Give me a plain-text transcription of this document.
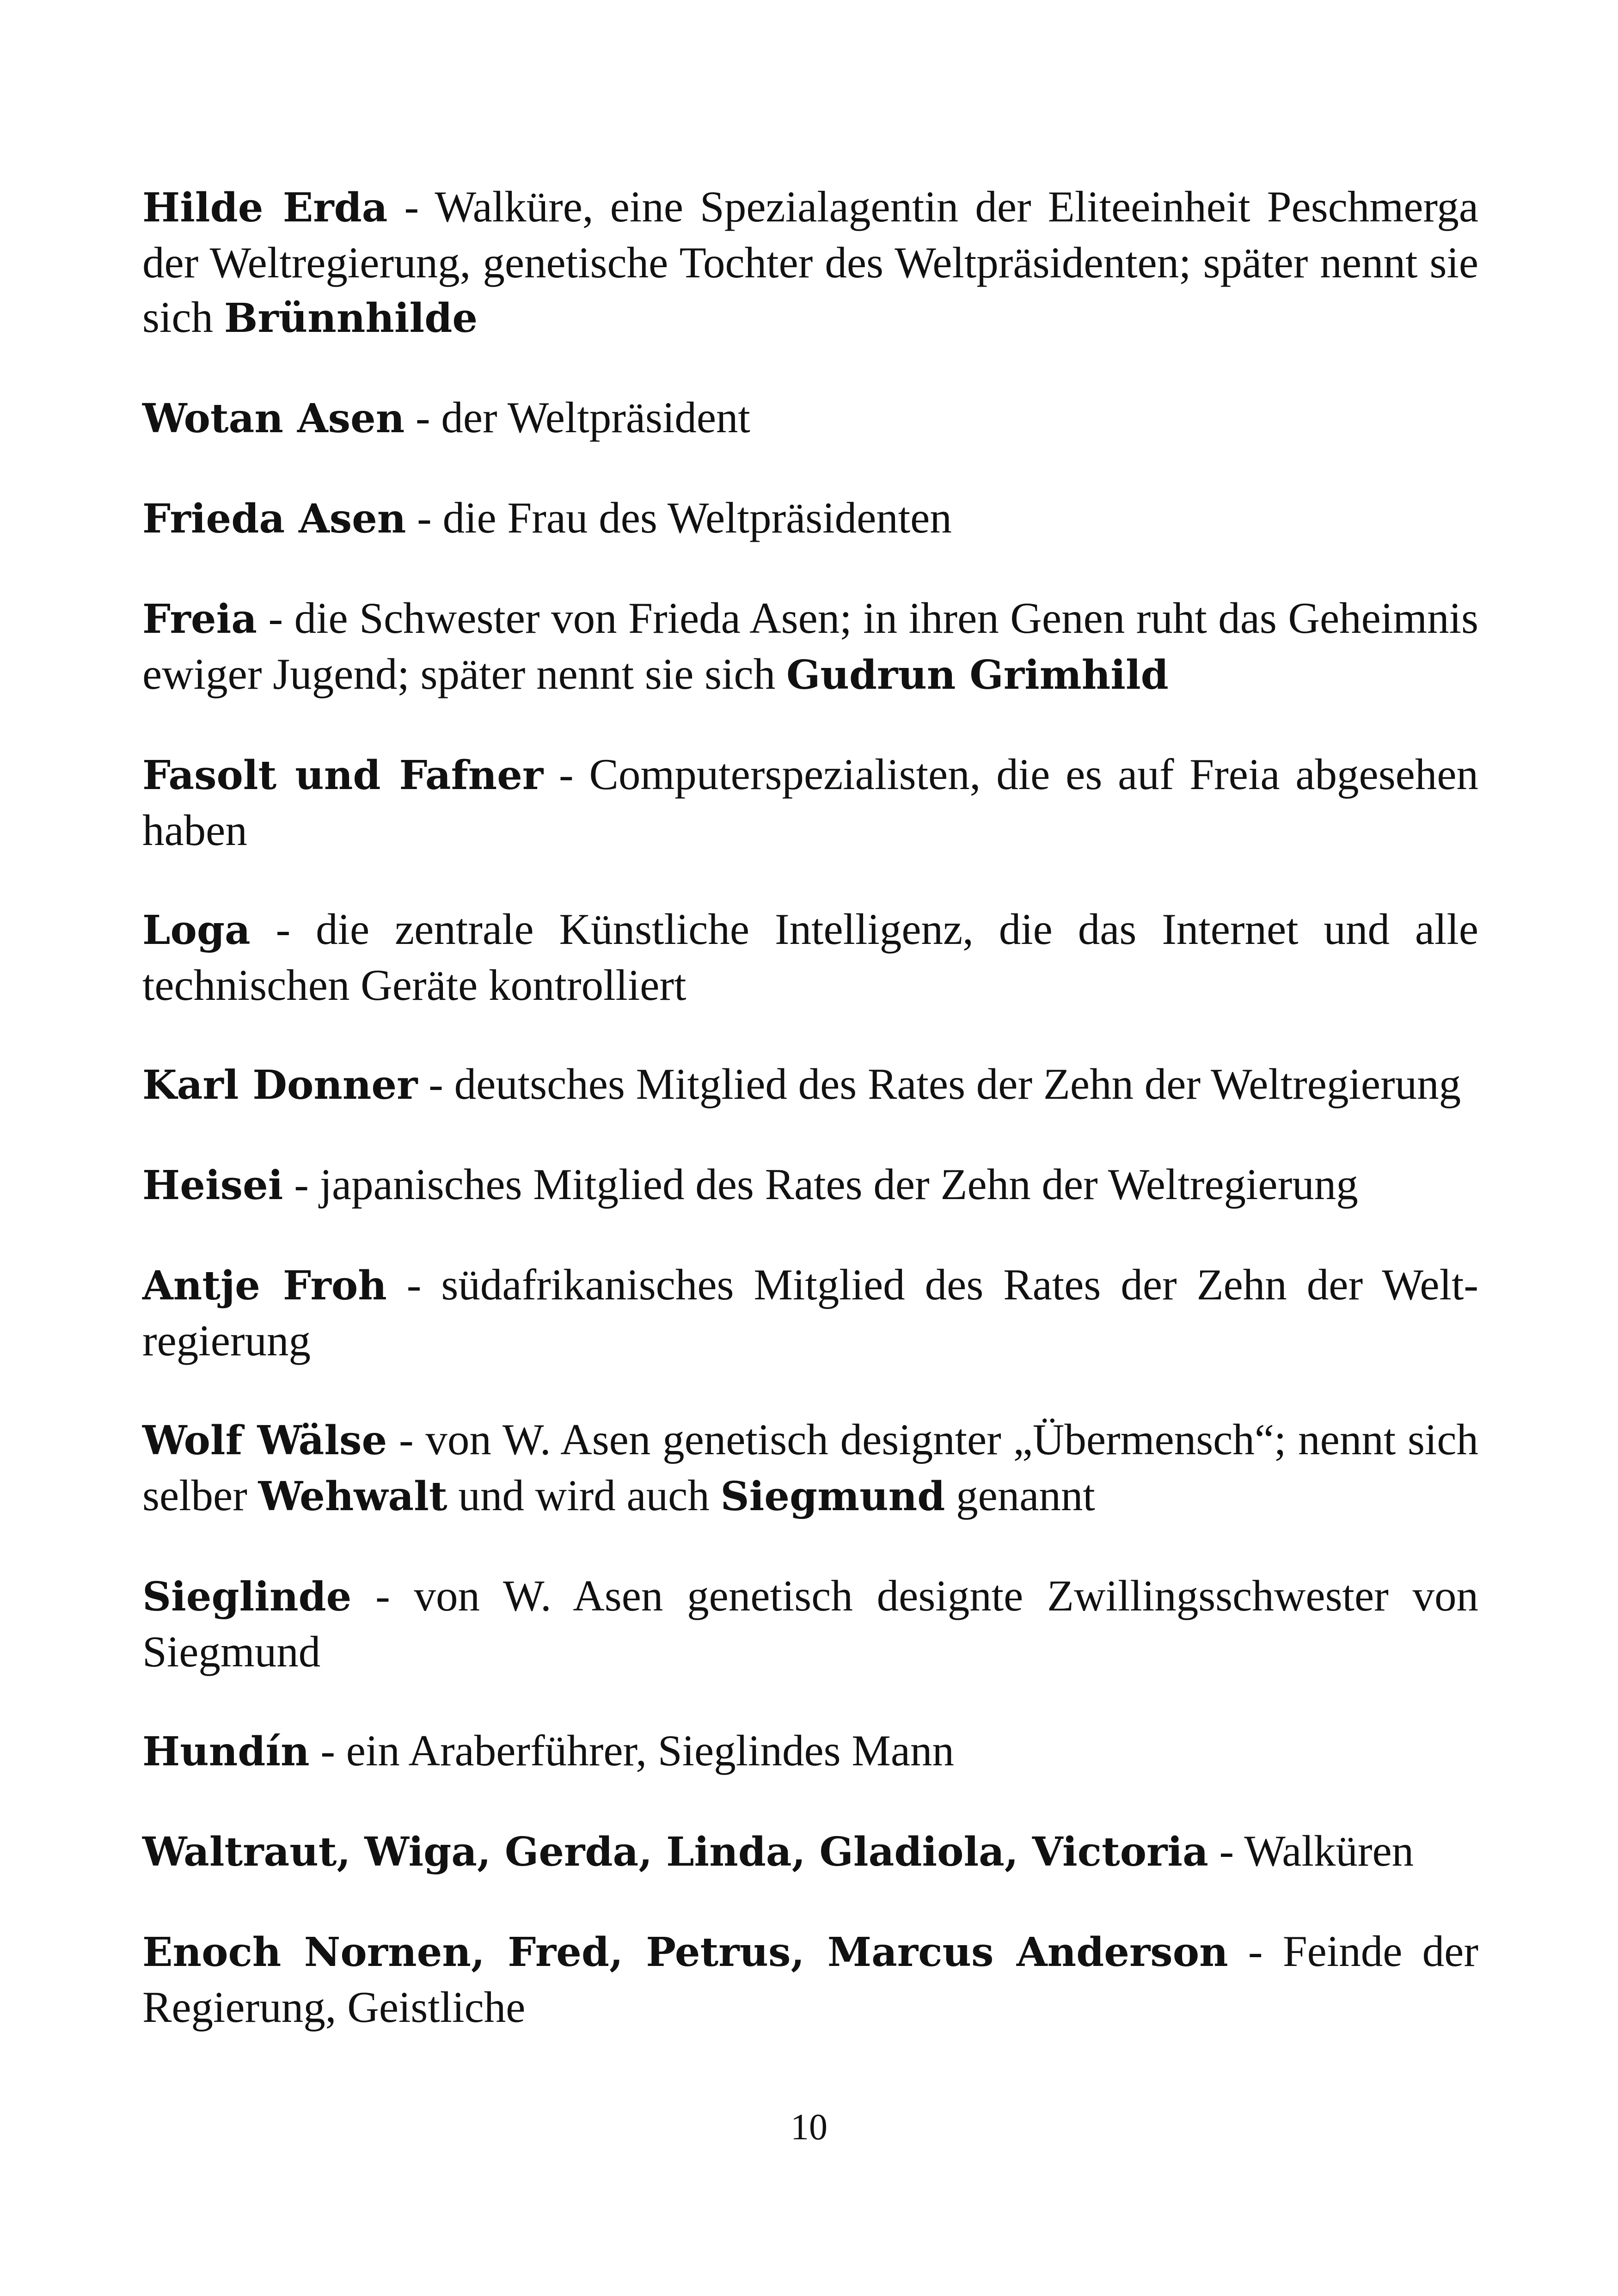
Hilde Erda - Walküre, eine Spezialagentin der Eliteeinheit Peschmerga der Weltregierung, genetische Tochter des Weltpräsidenten; später nennt sie sich Brünnhilde

Wotan Asen - der Weltpräsident

Frieda Asen - die Frau des Weltpräsidenten

Freia - die Schwester von Frieda Asen; in ihren Genen ruht das Geheimnis ewiger Jugend; später nennt sie sich Gudrun Grimhild

Fasolt und Fafner - Computerspezialisten, die es auf Freia abgesehen haben

Loga - die zentrale Künstliche Intelligenz, die das Internet und alle technischen Geräte kontrolliert

Karl Donner - deutsches Mitglied des Rates der Zehn der Weltregierung

Heisei - japanisches Mitglied des Rates der Zehn der Weltregierung

Antje Froh - südafrikanisches Mitglied des Rates der Zehn der Weltregierung

Wolf Wälse - von W. Asen genetisch designter „Übermensch“; nennt sich selber Wehwalt und wird auch Siegmund genannt

Sieglinde - von W. Asen genetisch designte Zwillingsschwester von Siegmund

Hundín - ein Araberführer, Sieglindes Mann

Waltraut, Wiga, Gerda, Linda, Gladiola, Victoria - Walküren

Enoch Nornen, Fred, Petrus, Marcus Anderson - Feinde der Regierung, Geistliche

10
